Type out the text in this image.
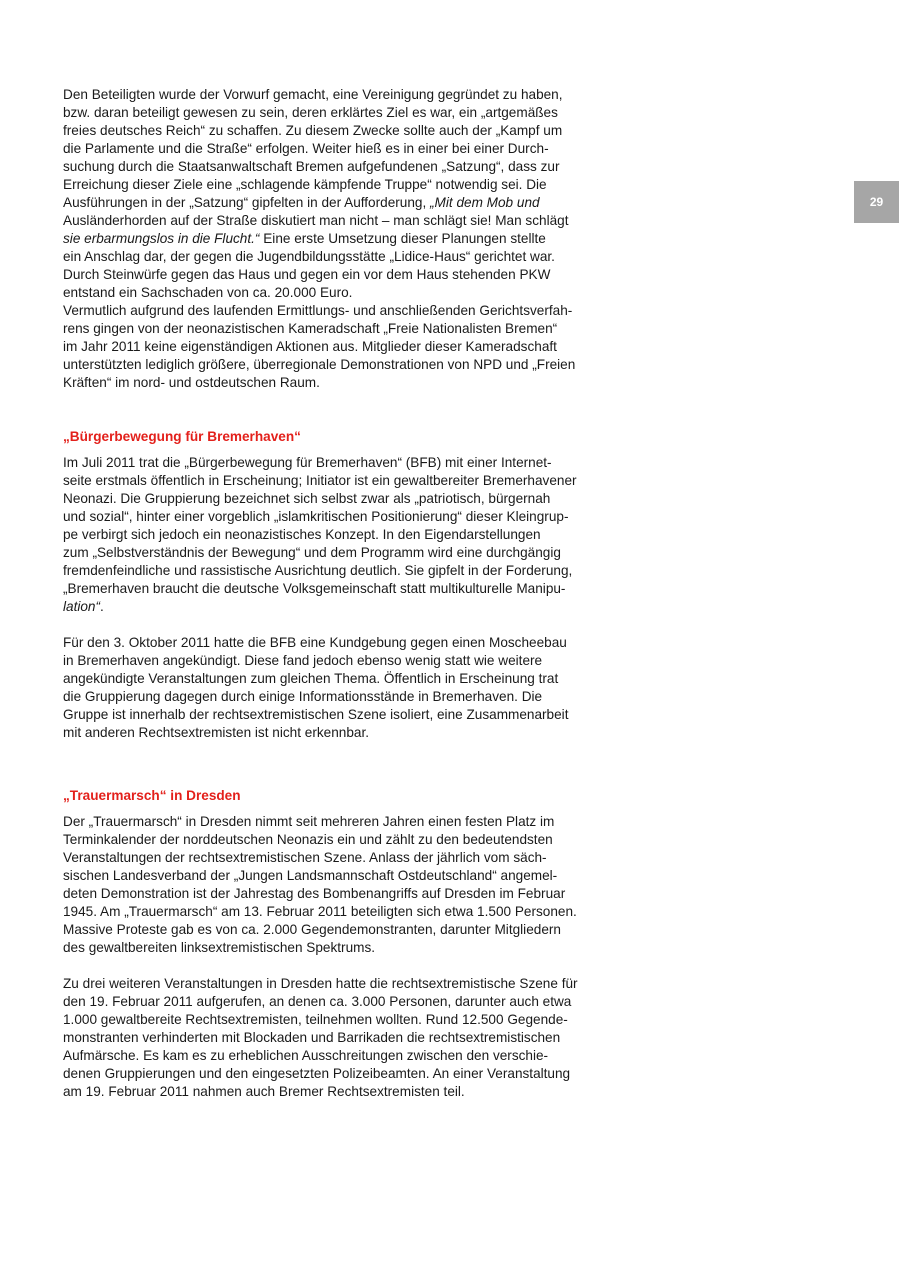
29
Den Beteiligten wurde der Vorwurf gemacht, eine Vereinigung gegründet zu haben,
bzw. daran beteiligt gewesen zu sein, deren erklärtes Ziel es war, ein „artgemäßes
freies deutsches Reich“ zu schaffen. Zu diesem Zwecke sollte auch der „Kampf um
die Parlamente und die Straße“ erfolgen. Weiter hieß es in einer bei einer Durch-
suchung durch die Staatsanwaltschaft Bremen aufgefundenen „Satzung“, dass zur
Erreichung dieser Ziele eine „schlagende kämpfende Truppe“ notwendig sei. Die
Ausführungen in der „Satzung“ gipfelten in der Aufforderung, „Mit dem Mob und
Ausländerhorden auf der Straße diskutiert man nicht – man schlägt sie! Man schlägt
sie erbarmungslos in die Flucht.“ Eine erste Umsetzung dieser Planungen stellte
ein Anschlag dar, der gegen die Jugendbildungsstätte „Lidice-Haus“ gerichtet war.
Durch Steinwürfe gegen das Haus und gegen ein vor dem Haus stehenden PKW
entstand ein Sachschaden von ca. 20.000 Euro.
Vermutlich aufgrund des laufenden Ermittlungs- und anschließenden Gerichtsverfah-
rens gingen von der neonazistischen Kameradschaft „Freie Nationalisten Bremen“
im Jahr 2011 keine eigenständigen Aktionen aus. Mitglieder dieser Kameradschaft
unterstützten lediglich größere, überregionale Demonstrationen von NPD und „Freien
Kräften“ im nord- und ostdeutschen Raum.
„Bürgerbewegung für Bremerhaven“
Im Juli 2011 trat die „Bürgerbewegung für Bremerhaven“ (BFB) mit einer Internet-
seite erstmals öffentlich in Erscheinung; Initiator ist ein gewaltbereiter Bremerhavener
Neonazi. Die Gruppierung bezeichnet sich selbst zwar als „patriotisch, bürgernah
und sozial“, hinter einer vorgeblich „islamkritischen Positionierung“ dieser Kleingrup-
pe verbirgt sich jedoch ein neonazistisches Konzept. In den Eigendarstellungen
zum „Selbstverständnis der Bewegung“ und dem Programm wird eine durchgängig
fremdenfeindliche und rassistische Ausrichtung deutlich. Sie gipfelt in der Forderung,
„Bremerhaven braucht die deutsche Volksgemeinschaft statt multikulturelle Manipu-
lation“.
Für den 3. Oktober 2011 hatte die BFB eine Kundgebung gegen einen Moscheebau
in Bremerhaven angekündigt. Diese fand jedoch ebenso wenig statt wie weitere
angekündigte Veranstaltungen zum gleichen Thema. Öffentlich in Erscheinung trat
die Gruppierung dagegen durch einige Informationsstände in Bremerhaven. Die
Gruppe ist innerhalb der rechtsextremistischen Szene isoliert, eine Zusammenarbeit
mit anderen Rechtsextremisten ist nicht erkennbar.
„Trauermarsch“ in Dresden
Der „Trauermarsch“ in Dresden nimmt seit mehreren Jahren einen festen Platz im
Terminkalender der norddeutschen Neonazis ein und zählt zu den bedeutendsten
Veranstaltungen der rechtsextremistischen Szene. Anlass der jährlich vom säch-
sischen Landesverband der „Jungen Landsmannschaft Ostdeutschland“ angemel-
deten Demonstration ist der Jahrestag des Bombenangriffs auf Dresden im Februar
1945. Am „Trauermarsch“ am 13. Februar 2011 beteiligten sich etwa 1.500 Personen.
Massive Proteste gab es von ca. 2.000 Gegendemonstranten, darunter Mitgliedern
des gewaltbereiten linksextremistischen Spektrums.
Zu drei weiteren Veranstaltungen in Dresden hatte die rechtsextremistische Szene für
den 19. Februar 2011 aufgerufen, an denen ca. 3.000 Personen, darunter auch etwa
1.000 gewaltbereite Rechtsextremisten, teilnehmen wollten. Rund 12.500 Gegende-
monstranten verhinderten mit Blockaden und Barrikaden die rechtsextremistischen
Aufmärsche. Es kam es zu erheblichen Ausschreitungen zwischen den verschie-
denen Gruppierungen und den eingesetzten Polizeibeamten. An einer Veranstaltung
am 19. Februar 2011 nahmen auch Bremer Rechtsextremisten teil.
